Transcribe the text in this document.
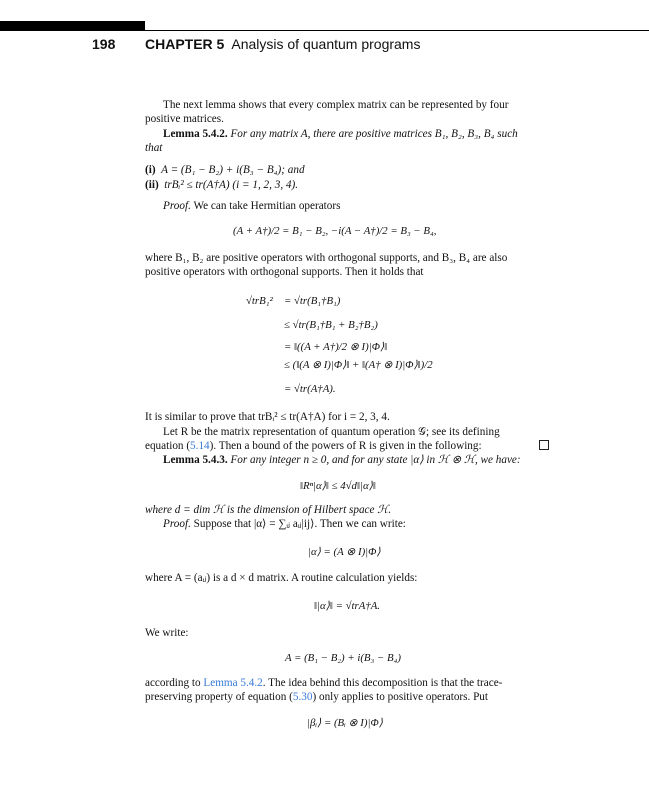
198 CHAPTER 5 Analysis of quantum programs
The next lemma shows that every complex matrix can be represented by four
positive matrices.
Lemma 5.4.2. For any matrix A, there are positive matrices B₁, B₂, B₃, B₄ such
that
(i) A = (B₁ − B₂) + i(B₃ − B₄); and
(ii) trBᵢ² ≤ tr(A†A) (i = 1, 2, 3, 4).
Proof. We can take Hermitian operators
(A + A†)/2 = B₁ − B₂, −i(A − A†)/2 = B₃ − B₄,
where B₁, B₂ are positive operators with orthogonal supports, and B₃, B₄ are also
positive operators with orthogonal supports. Then it holds that
√trB₁² = √tr(B₁†B₁)
≤ √tr(B₁†B₁ + B₂†B₂)
= ‖((A + A†)/2 ⊗ I)|Φ⟩‖
≤ (‖(A ⊗ I)|Φ⟩‖ + ‖(A† ⊗ I)|Φ⟩‖)/2
= √tr(A†A).
It is similar to prove that trBᵢ² ≤ tr(A†A) for i = 2, 3, 4.
Let R be the matrix representation of quantum operation 𝒢; see its defining
equation (5.14). Then a bound of the powers of R is given in the following:
Lemma 5.4.3. For any integer n ≥ 0, and for any state |α⟩ in ℋ ⊗ ℋ, we have:
‖Rⁿ|α⟩‖ ≤ 4√d‖|α⟩‖
where d = dim ℋ is the dimension of Hilbert space ℋ.
Proof. Suppose that |α⟩ = ∑ᵢⱼ aᵢⱼ|ij⟩. Then we can write:
|α⟩ = (A ⊗ I)|Φ⟩
where A = (aᵢⱼ) is a d × d matrix. A routine calculation yields:
‖|α⟩‖ = √trA†A.
We write:
A = (B₁ − B₂) + i(B₃ − B₄)
according to Lemma 5.4.2. The idea behind this decomposition is that the trace-
preserving property of equation (5.30) only applies to positive operators. Put
|βᵢ⟩ = (Bᵢ ⊗ I)|Φ⟩
